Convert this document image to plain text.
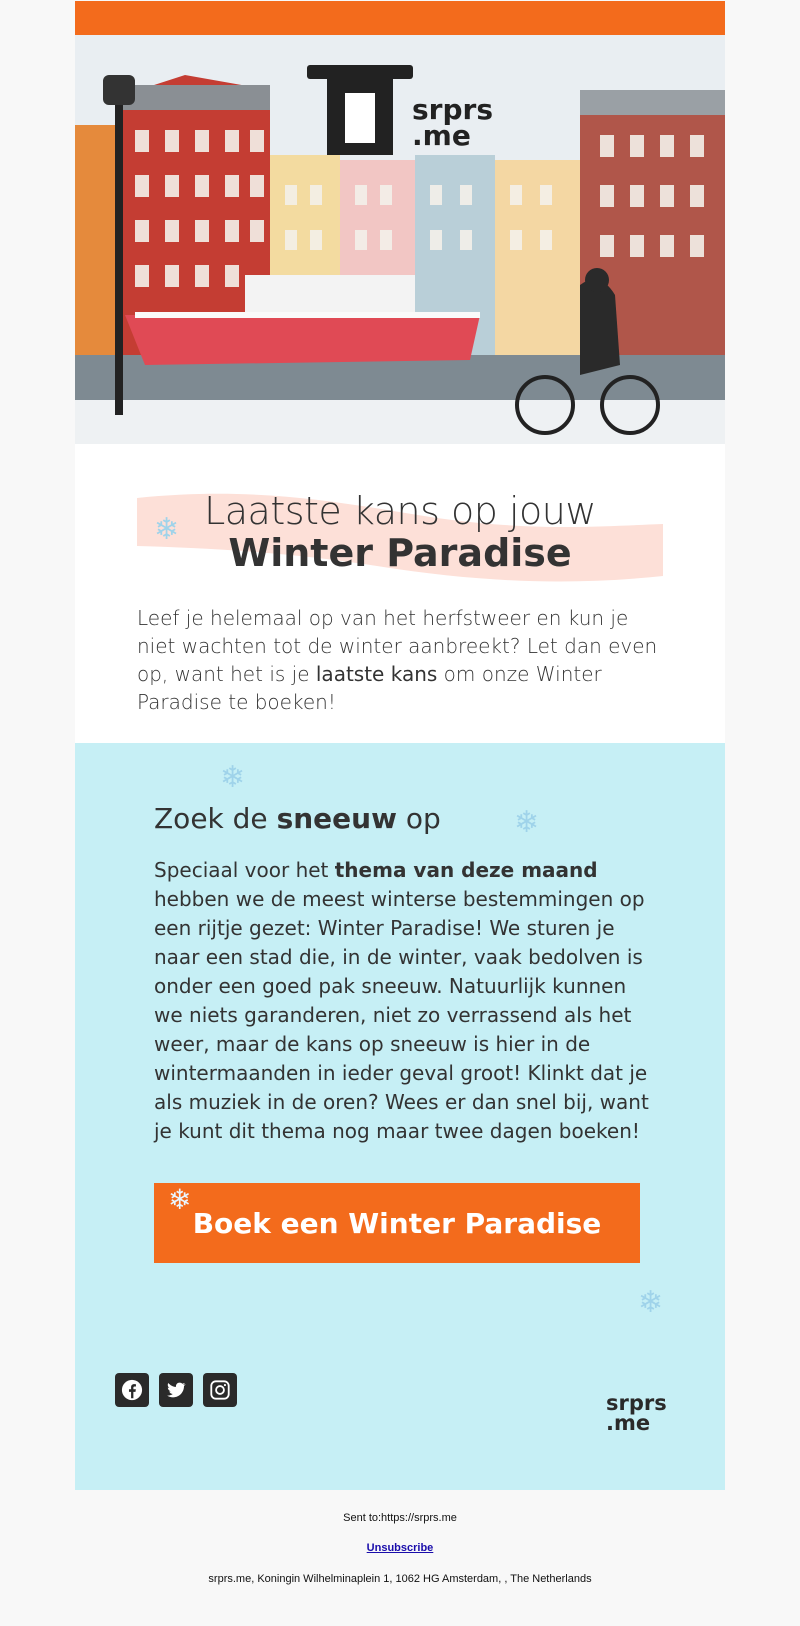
srprs
.me
❄ Laatste kans op jouw
Winter Paradise
Leef je helemaal op van het herfstweer en kun je niet wachten tot de winter aanbreekt? Let dan even op, want het is je laatste kans om onze Winter Paradise te boeken!
❄
❄
❄
Zoek de sneeuw op
Speciaal voor het thema van deze maand hebben we de meest winterse bestemmingen op een rijtje gezet: Winter Paradise! We sturen je naar een stad die, in de winter, vaak bedolven is onder een goed pak sneeuw. Natuurlijk kunnen we niets garanderen, niet zo verrassend als het weer, maar de kans op sneeuw is hier in de wintermaanden in ieder geval groot! Klinkt dat je als muziek in de oren? Wees er dan snel bij, want je kunt dit thema nog maar twee dagen boeken!
Boek een Winter Paradise
❄
srprs
.me
Sent to:https://srprs.me
Unsubscribe
srprs.me, Koningin Wilhelminaplein 1, 1062 HG Amsterdam, , The Netherlands
